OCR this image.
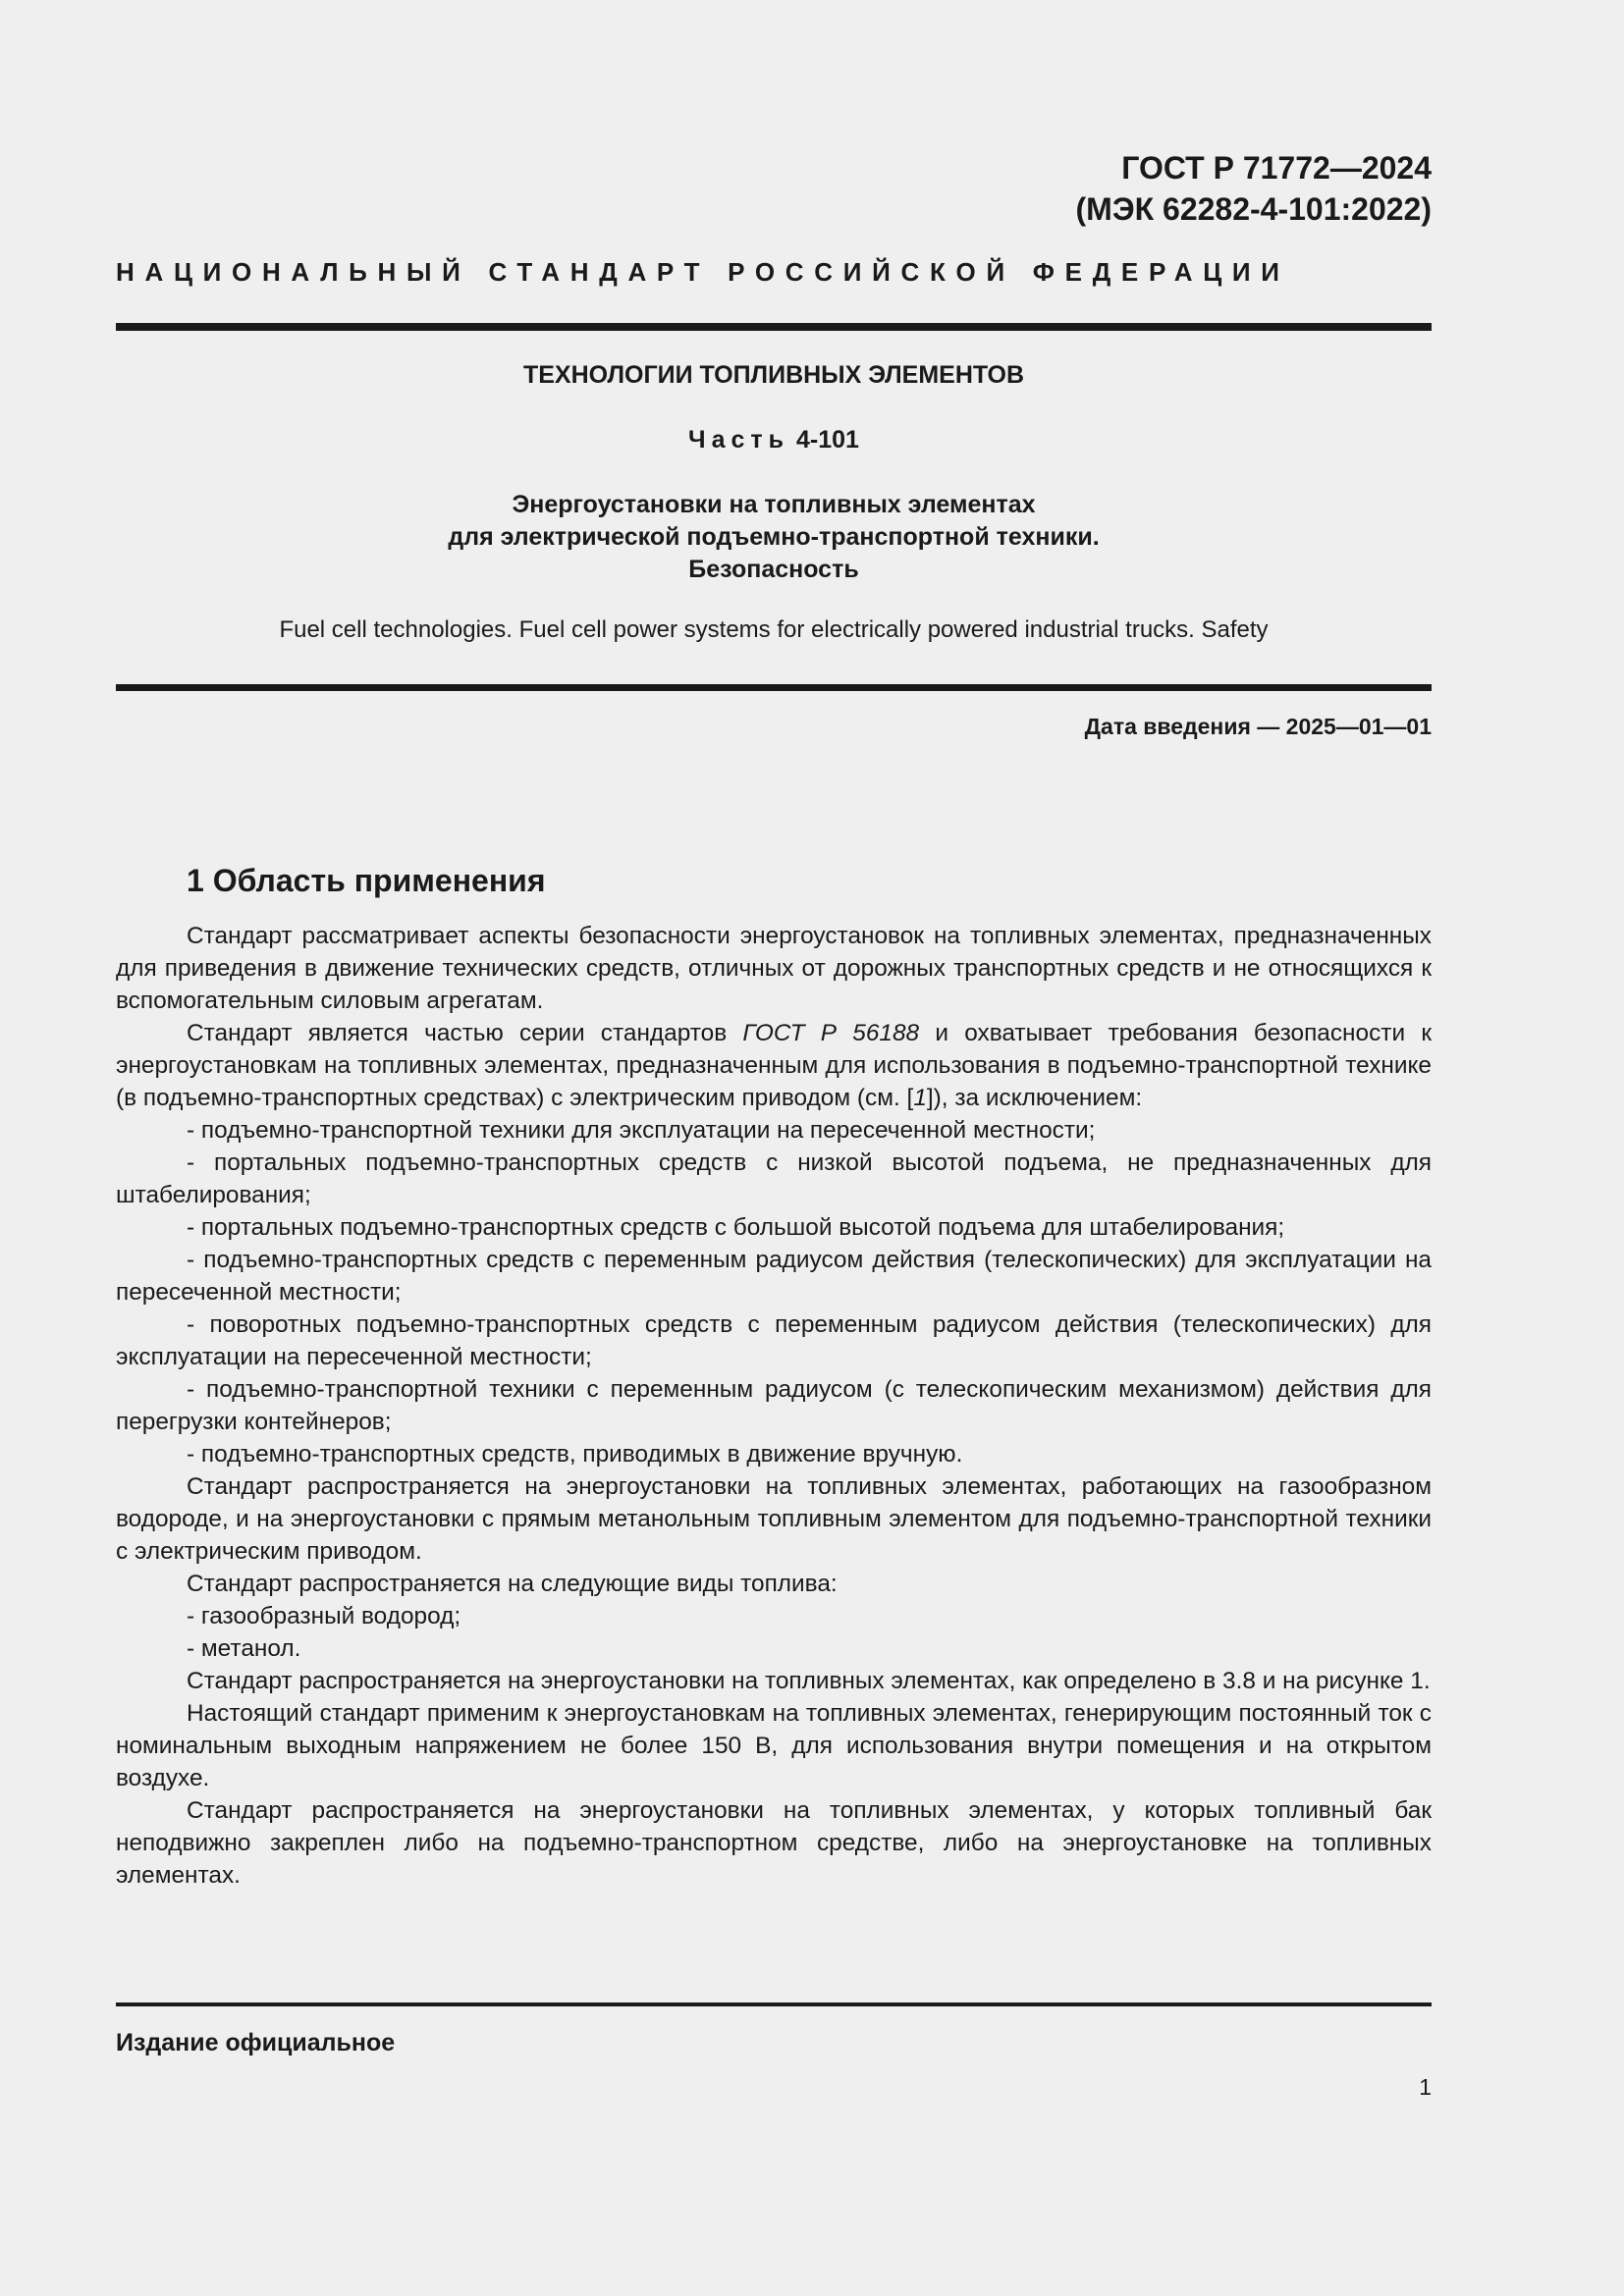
ГОСТ Р 71772—2024
(МЭК 62282-4-101:2022)
НАЦИОНАЛЬНЫЙ СТАНДАРТ РОССИЙСКОЙ ФЕДЕРАЦИИ
ТЕХНОЛОГИИ ТОПЛИВНЫХ ЭЛЕМЕНТОВ
Часть 4-101
Энергоустановки на топливных элементах
для электрической подъемно-транспортной техники.
Безопасность
Fuel cell technologies. Fuel cell power systems for electrically powered industrial trucks. Safety
Дата введения — 2025—01—01
1 Область применения

Стандарт рассматривает аспекты безопасности энергоустановок на топливных элементах, предназначенных для приведения в движение технических средств, отличных от дорожных транспортных средств и не относящихся к вспомогательным силовым агрегатам.

Стандарт является частью серии стандартов ГОСТ Р 56188 и охватывает требования безопасности к энергоустановкам на топливных элементах, предназначенным для использования в подъемно-транспортной технике (в подъемно-транспортных средствах) с электрическим приводом (см. [1]), за исключением:

- подъемно-транспортной техники для эксплуатации на пересеченной местности;

- портальных подъемно-транспортных средств с низкой высотой подъема, не предназначенных для штабелирования;

- портальных подъемно-транспортных средств с большой высотой подъема для штабелирования;

- подъемно-транспортных средств с переменным радиусом действия (телескопических) для эксплуатации на пересеченной местности;

- поворотных подъемно-транспортных средств с переменным радиусом действия (телескопических) для эксплуатации на пересеченной местности;

- подъемно-транспортной техники с переменным радиусом (с телескопическим механизмом) действия для перегрузки контейнеров;

- подъемно-транспортных средств, приводимых в движение вручную.

Стандарт распространяется на энергоустановки на топливных элементах, работающих на газообразном водороде, и на энергоустановки с прямым метанольным топливным элементом для подъемно-транспортной техники с электрическим приводом.

Стандарт распространяется на следующие виды топлива:

- газообразный водород;

- метанол.

Стандарт распространяется на энергоустановки на топливных элементах, как определено в 3.8 и на рисунке 1.

Настоящий стандарт применим к энергоустановкам на топливных элементах, генерирующим постоянный ток с номинальным выходным напряжением не более 150 В, для использования внутри помещения и на открытом воздухе.

Стандарт распространяется на энергоустановки на топливных элементах, у которых топливный бак неподвижно закреплен либо на подъемно-транспортном средстве, либо на энергоустановке на топливных элементах.

Издание официальное
1
